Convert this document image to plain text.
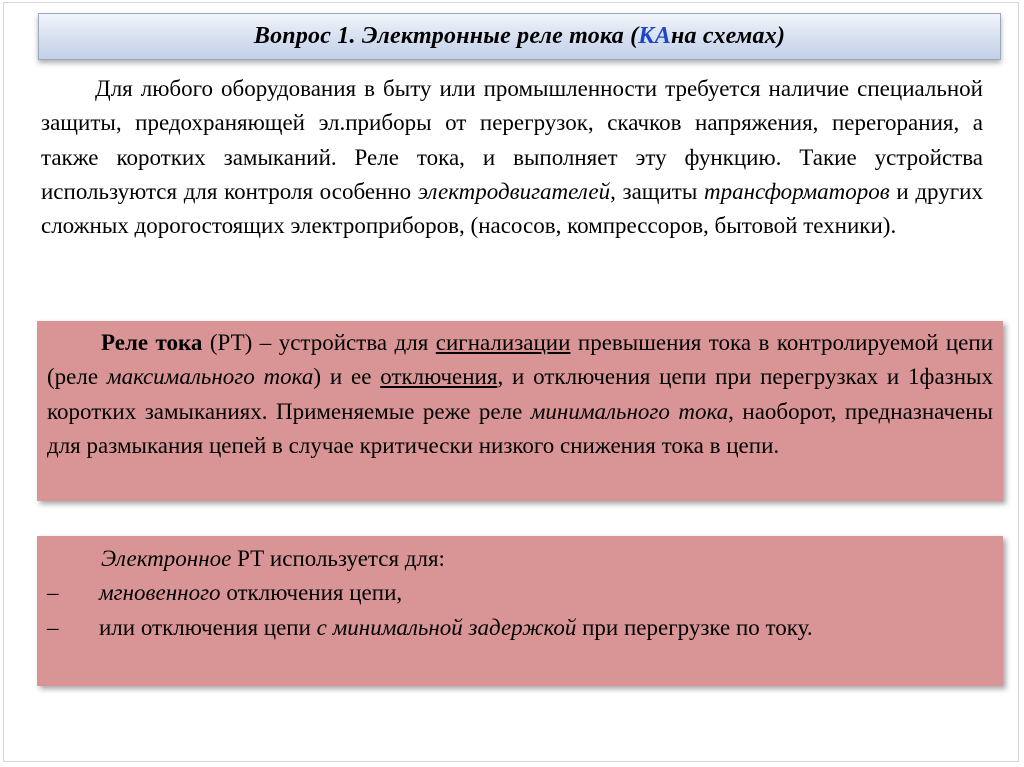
Вопрос 1. Электронные реле тока ( КА на схемах)

Для любого оборудования в быту или промышленности требуется наличие специальной защиты, предохраняющей эл.приборы от перегрузок, скачков напряжения, перегорания, а также коротких замыканий. Реле тока, и выполняет эту функцию. Такие устройства используются для контроля особенно электродвигателей, защиты трансформаторов и других сложных дорогостоящих электроприборов, (насосов, компрессоров, бытовой техники).

Реле тока (РТ) – устройства для сигнализации превышения тока в контролируемой цепи (реле максимального тока) и ее отключения, и отключения цепи при перегрузках и 1фазных коротких замыканиях. Применяемые реже реле минимального тока, наоборот, предназначены для размыкания цепей в случае критически низкого снижения тока в цепи.

Электронное РТ используется для:
– мгновенного отключения цепи,
– или отключения цепи с минимальной задержкой при перегрузке по току.
